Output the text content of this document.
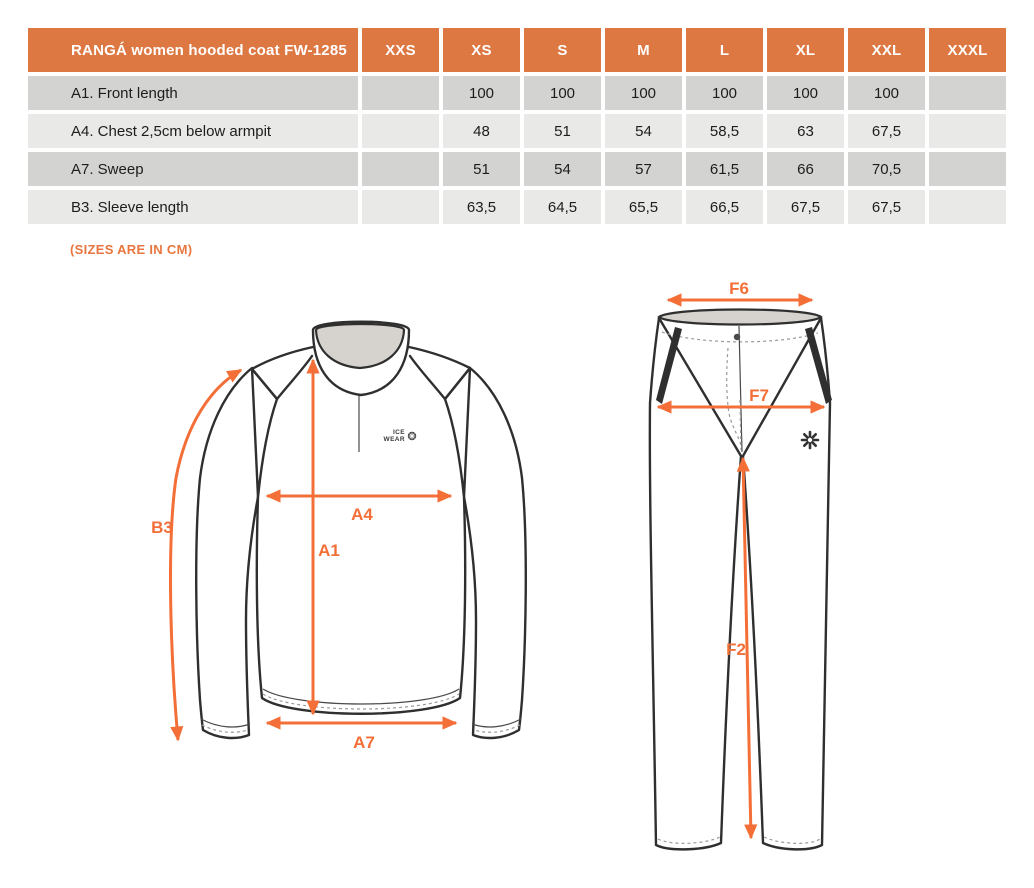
RANGÁ women hooded coat FW-1285	XXS	XS	S	M	L	XL	XXL	XXXL
A1. Front length		100	100	100	100	100	100	
A4. Chest 2,5cm below armpit		48	51	54	58,5	63	67,5	
A7. Sweep		51	54	57	61,5	66	70,5	
B3. Sleeve length		63,5	64,5	65,5	66,5	67,5	67,5	
(SIZES ARE IN CM)
ICE
WEAR
A1
A4
A7
B3
F6
F7
F2
